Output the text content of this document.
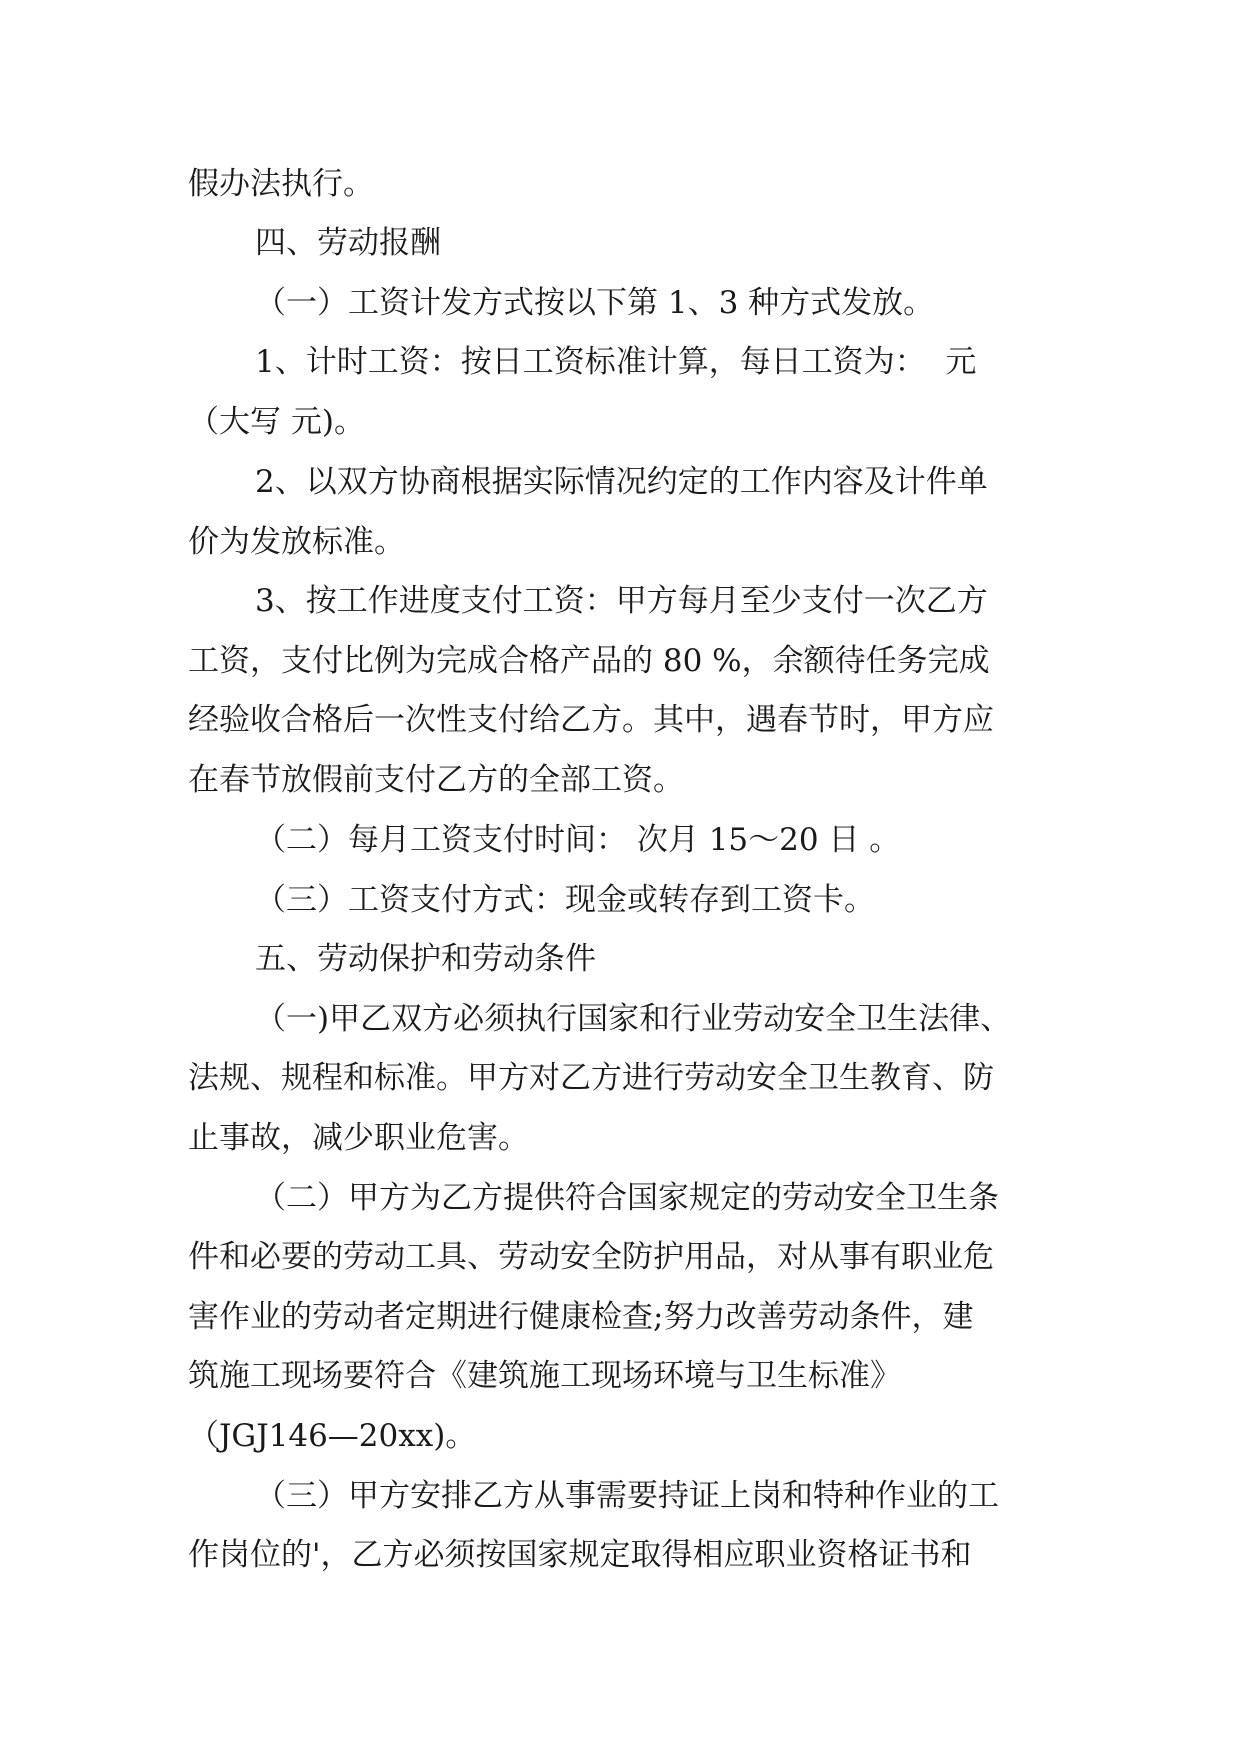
假办法执行。
四、劳动报酬
（一）工资计发方式按以下第 1、3 种方式发放。
1、计时工资：按日工资标准计算，每日工资为：  元
（大写 元)。
2、以双方协商根据实际情况约定的工作内容及计件单
价为发放标准。
3、按工作进度支付工资：甲方每月至少支付一次乙方
工资，支付比例为完成合格产品的 80 %，余额待任务完成
经验收合格后一次性支付给乙方。其中，遇春节时，甲方应
在春节放假前支付乙方的全部工资。
（二）每月工资支付时间： 次月 15～20 日 。
（三）工资支付方式：现金或转存到工资卡。
五、劳动保护和劳动条件
（一)甲乙双方必须执行国家和行业劳动安全卫生法律、
法规、规程和标准。甲方对乙方进行劳动安全卫生教育、防
止事故，减少职业危害。
（二）甲方为乙方提供符合国家规定的劳动安全卫生条
件和必要的劳动工具、劳动安全防护用品，对从事有职业危
害作业的劳动者定期进行健康检查;努力改善劳动条件，建
筑施工现场要符合《建筑施工现场环境与卫生标准》
（JGJ146—20xx)。
（三）甲方安排乙方从事需要持证上岗和特种作业的工
作岗位的'，乙方必须按国家规定取得相应职业资格证书和
